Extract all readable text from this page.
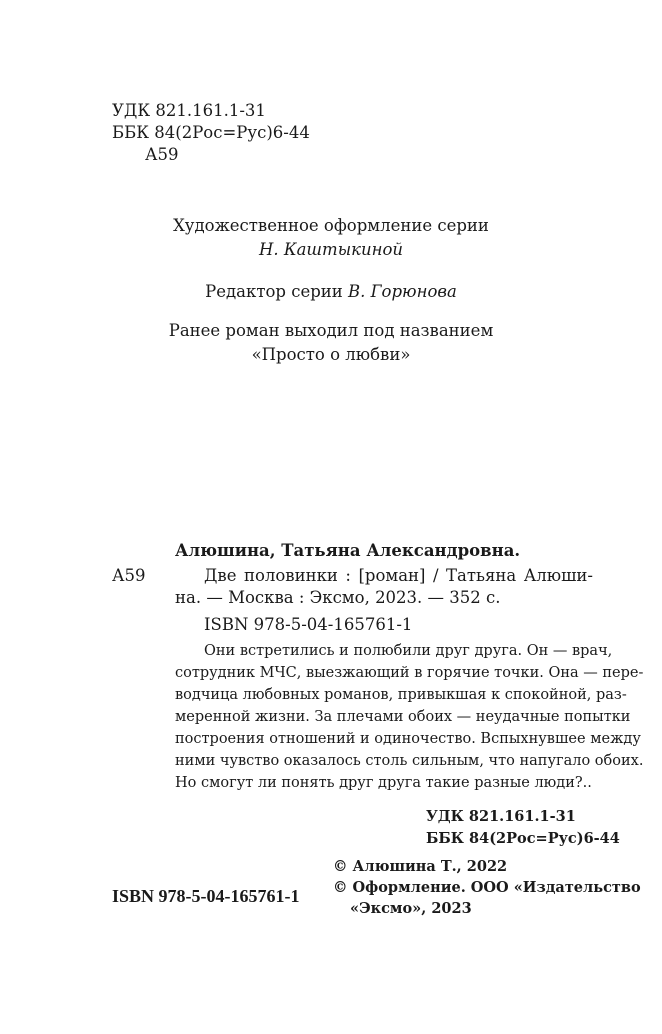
УДК 821.161.1-31
ББК 84(2Рос=Рус)6-44
А59
Художественное оформление серии
Н. Каштыкиной
Редактор серии В. Горюнова
Ранее роман выходил под названием
«Просто о любви»
Алюшина, Татьяна Александровна.
А59	Две половинки : [роман] / Татьяна Алюши-
на. — Москва : Эксмо, 2023. — 352 с.
ISBN 978-5-04-165761-1
Они встретились и полюбили друг друга. Он — врач,
сотрудник МЧС, выезжающий в горячие точки. Она — пере-
водчица любовных романов, привыкшая к спокойной, раз-
меренной жизни. За плечами обоих — неудачные попытки
построения отношений и одиночество. Вспыхнувшее между
ними чувство оказалось столь сильным, что напугало обоих.
Но смогут ли понять друг друга такие разные люди?..
УДК 821.161.1-31
ББК 84(2Рос=Рус)6-44
© Алюшина Т., 2022
© Оформление. ООО «Издательство
«Эксмо», 2023
ISBN 978-5-04-165761-1
